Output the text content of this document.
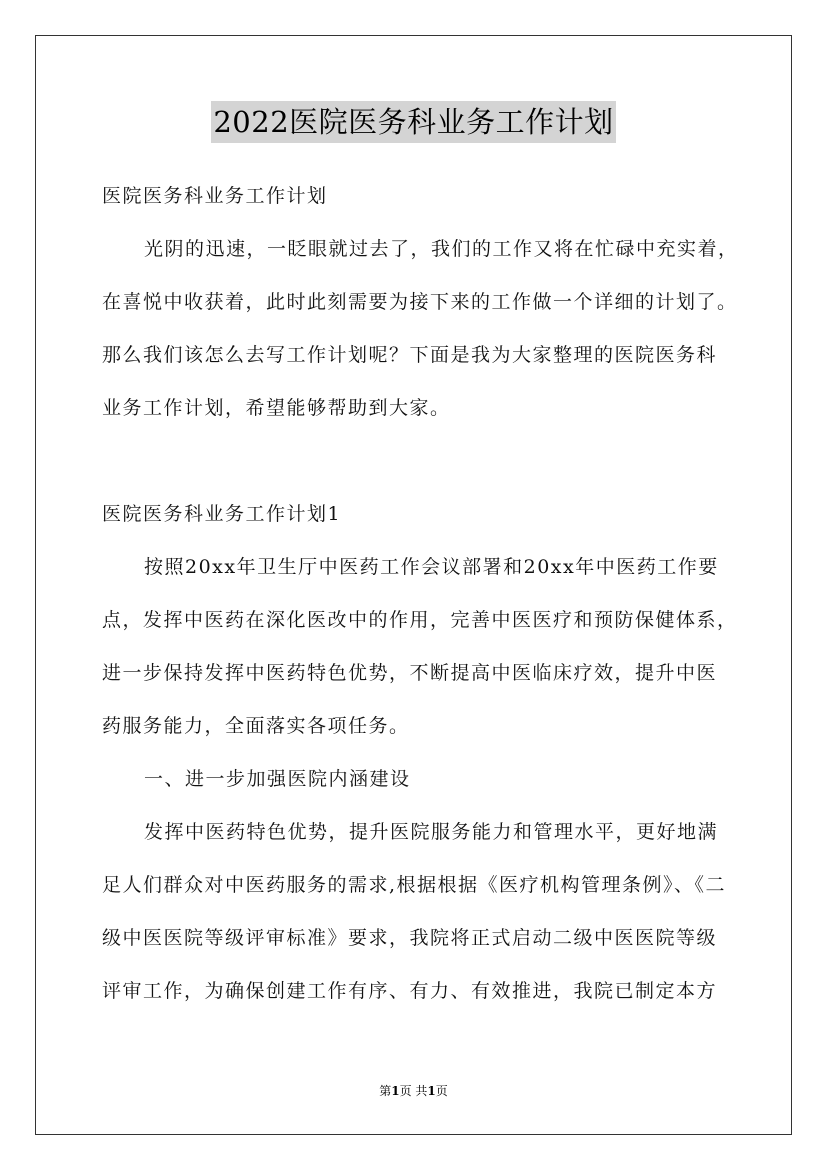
2022医院医务科业务工作计划
医院医务科业务工作计划
光阴的迅速，一眨眼就过去了，我们的工作又将在忙碌中充实着，
在喜悦中收获着，此时此刻需要为接下来的工作做一个详细的计划了。
那么我们该怎么去写工作计划呢？下面是我为大家整理的医院医务科
业务工作计划，希望能够帮助到大家。
医院医务科业务工作计划1
按照20xx年卫生厅中医药工作会议部署和20xx年中医药工作要
点，发挥中医药在深化医改中的作用，完善中医医疗和预防保健体系，
进一步保持发挥中医药特色优势，不断提高中医临床疗效，提升中医
药服务能力，全面落实各项任务。
一、进一步加强医院内涵建设
发挥中医药特色优势，提升医院服务能力和管理水平，更好地满
足人们群众对中医药服务的需求,根据根据《医疗机构管理条例》、《二
级中医医院等级评审标准》要求，我院将正式启动二级中医医院等级
评审工作，为确保创建工作有序、有力、有效推进，我院已制定本方
第1页 共1页
